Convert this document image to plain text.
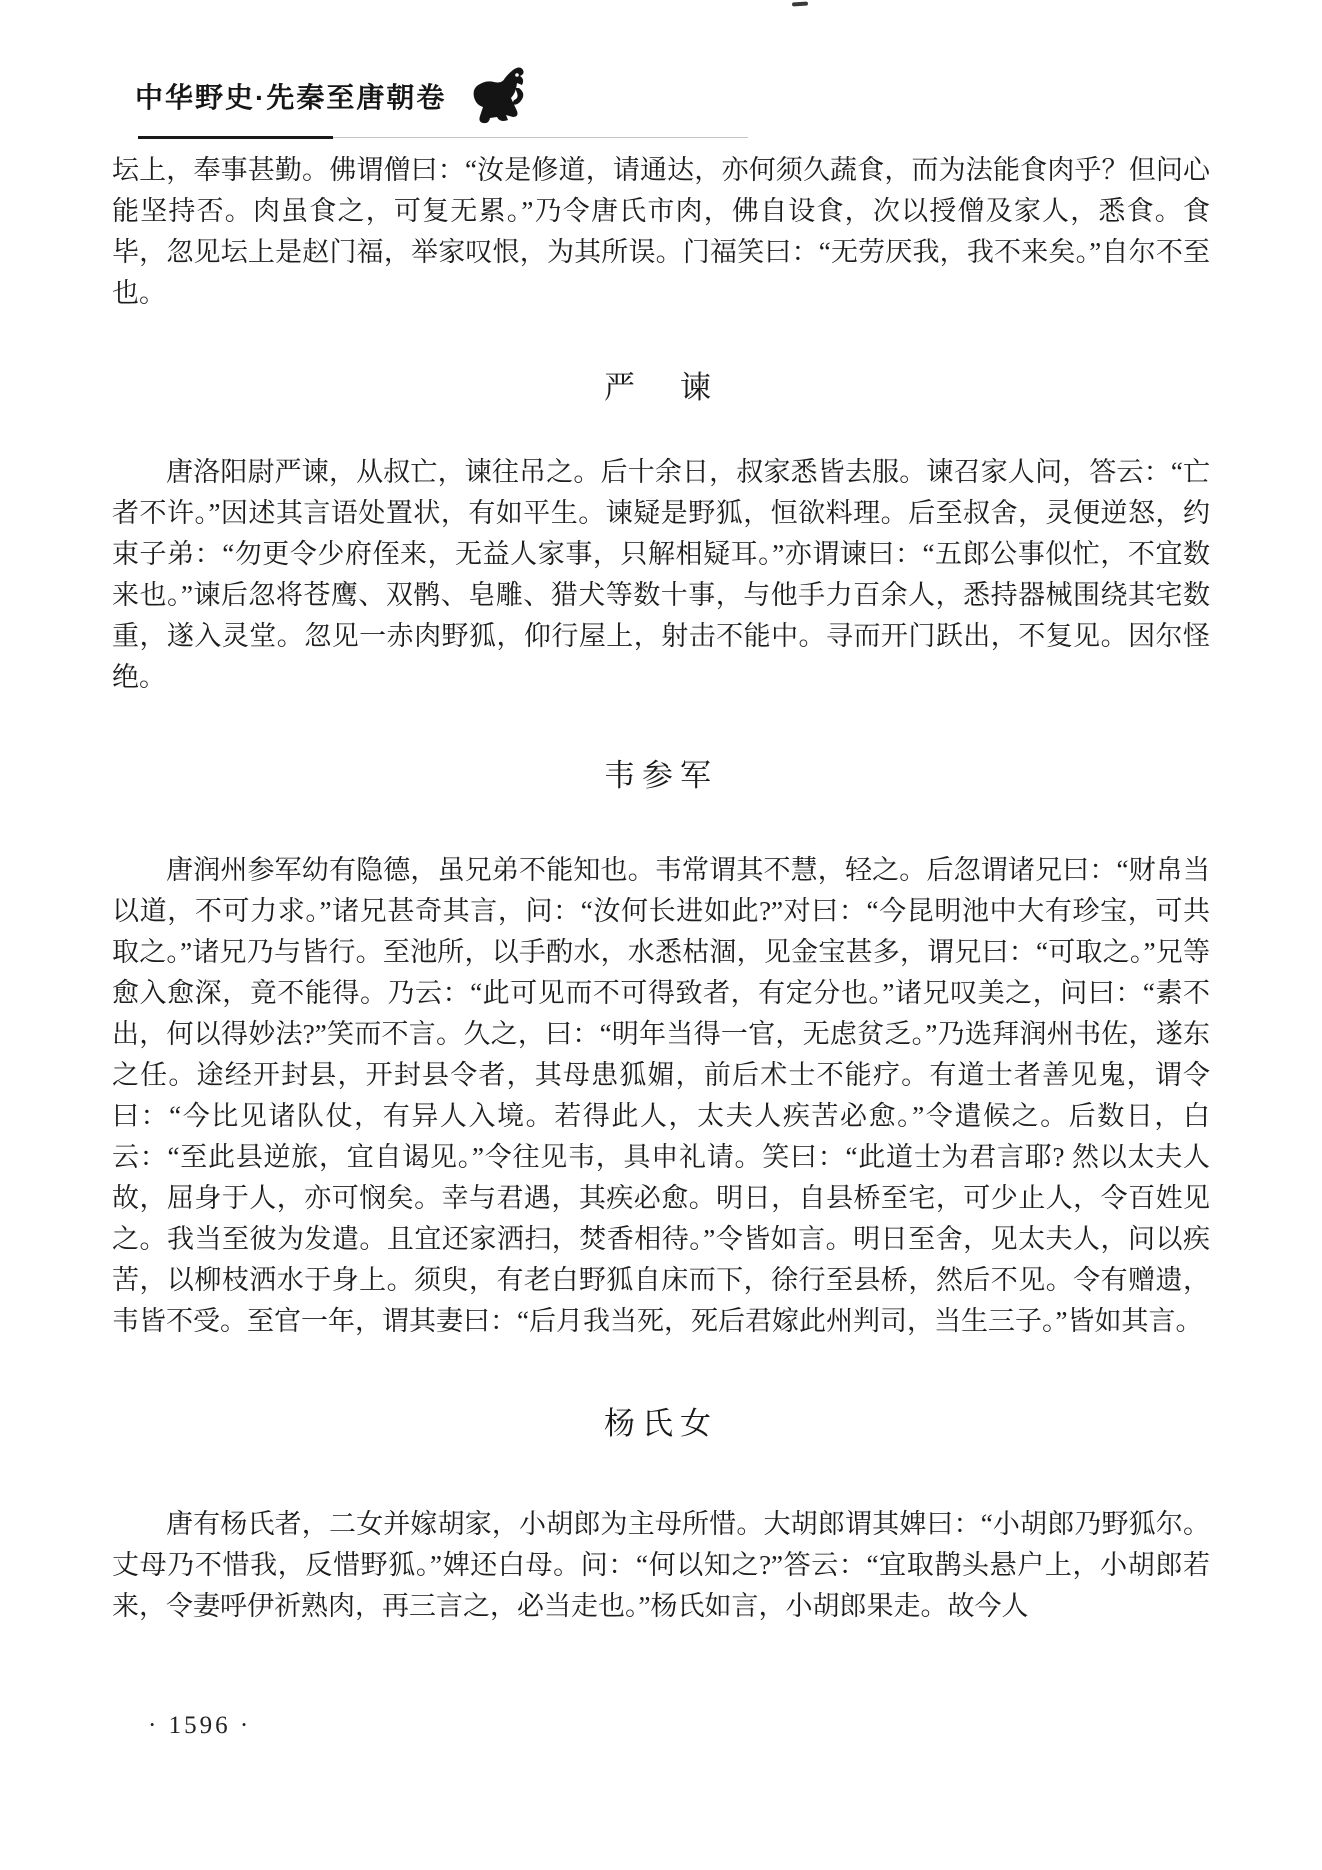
中华野史·先秦至唐朝卷

坛上，奉事甚勤。佛谓僧曰：“汝是修道，请通达，亦何须久蔬食，而为法能食肉乎？但问心能坚持否。肉虽食之，可复无累。”乃令唐氏市肉，佛自设食，次以授僧及家人，悉食。食毕，忽见坛上是赵门福，举家叹恨，为其所误。门福笑曰：“无劳厌我，我不来矣。”自尔不至也。

严　谏

唐洛阳尉严谏，从叔亡，谏往吊之。后十余日，叔家悉皆去服。谏召家人问，答云：“亡者不许。”因述其言语处置状，有如平生。谏疑是野狐，恒欲料理。后至叔舍，灵便逆怒，约束子弟：“勿更令少府侄来，无益人家事，只解相疑耳。”亦谓谏曰：“五郎公事似忙，不宜数来也。”谏后忽将苍鹰、双鹘、皂雕、猎犬等数十事，与他手力百余人，悉持器械围绕其宅数重，遂入灵堂。忽见一赤肉野狐，仰行屋上，射击不能中。寻而开门跃出，不复见。因尔怪绝。

韦参军

唐润州参军幼有隐德，虽兄弟不能知也。韦常谓其不慧，轻之。后忽谓诸兄曰：“财帛当以道，不可力求。”诸兄甚奇其言，问：“汝何长进如此?”对曰：“今昆明池中大有珍宝，可共取之。”诸兄乃与皆行。至池所，以手酌水，水悉枯涸，见金宝甚多，谓兄曰：“可取之。”兄等愈入愈深，竟不能得。乃云：“此可见而不可得致者，有定分也。”诸兄叹美之，问曰：“素不出，何以得妙法?”笑而不言。久之，曰：“明年当得一官，无虑贫乏。”乃选拜润州书佐，遂东之任。途经开封县，开封县令者，其母患狐媚，前后术士不能疗。有道士者善见鬼，谓令曰：“今比见诸队仗，有异人入境。若得此人，太夫人疾苦必愈。”令遣候之。后数日，白云：“至此县逆旅，宜自谒见。”令往见韦，具申礼请。笑曰：“此道士为君言耶? 然以太夫人故，屈身于人，亦可悯矣。幸与君遇，其疾必愈。明日，自县桥至宅，可少止人，令百姓见之。我当至彼为发遣。且宜还家洒扫，焚香相待。”令皆如言。明日至舍，见太夫人，问以疾苦，以柳枝洒水于身上。须臾，有老白野狐自床而下，徐行至县桥，然后不见。令有赠遗，韦皆不受。至官一年，谓其妻曰：“后月我当死，死后君嫁此州判司，当生三子。”皆如其言。

杨氏女

唐有杨氏者，二女并嫁胡家，小胡郎为主母所惜。大胡郎谓其婢曰：“小胡郎乃野狐尔。丈母乃不惜我，反惜野狐。”婢还白母。问：“何以知之?”答云：“宜取鹊头悬户上，小胡郎若来，令妻呼伊祈熟肉，再三言之，必当走也。”杨氏如言，小胡郎果走。故今人

· 1596 ·
